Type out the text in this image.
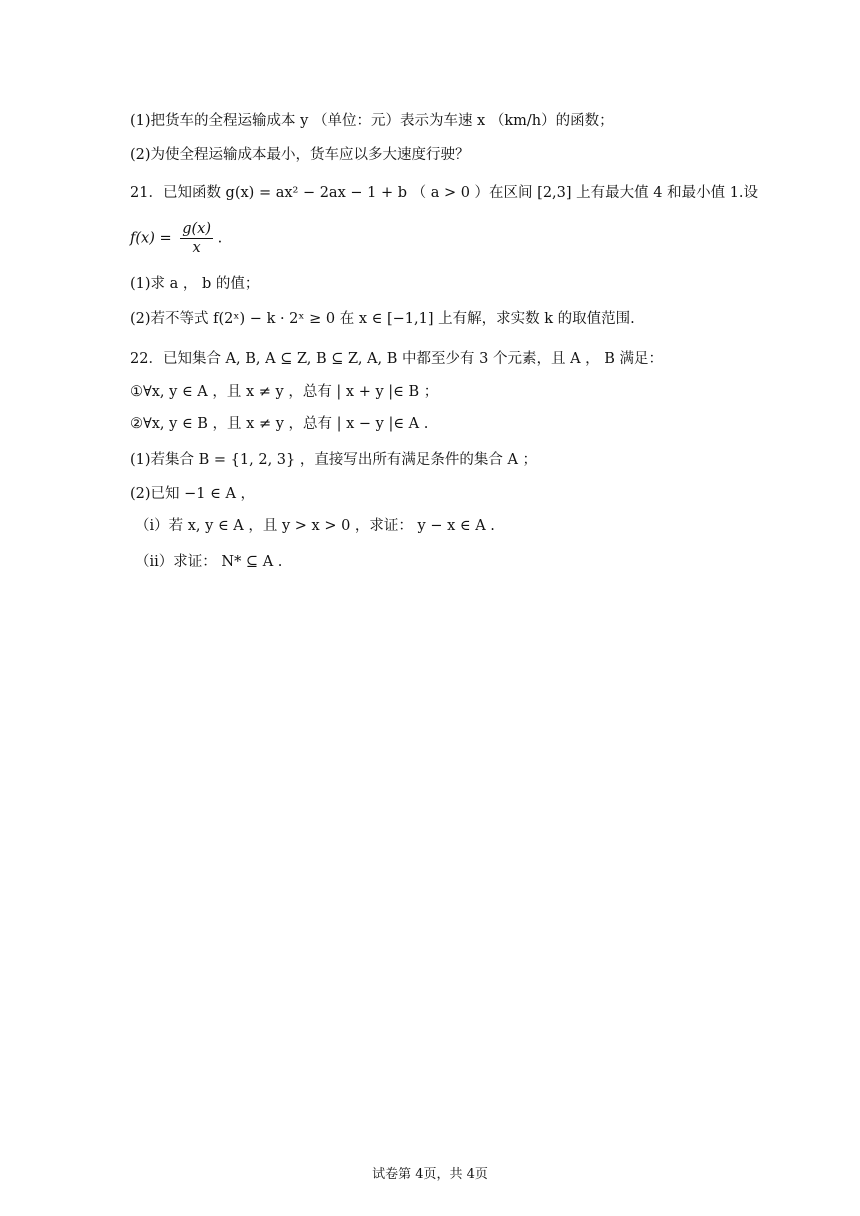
(1)把货车的全程运输成本 y （单位：元）表示为车速 x （km/h）的函数；
(2)为使全程运输成本最小，货车应以多大速度行驶？
21．已知函数 g(x) = ax² − 2ax − 1 + b （ a > 0 ）在区间 [2,3] 上有最大值 4 和最小值 1.设
$f(x) = \frac{g(x)}{x}$ .
(1)求 a ， b 的值；
(2)若不等式 f(2ˣ) − k · 2ˣ ≥ 0 在 x ∈ [−1,1] 上有解，求实数 k 的取值范围.
22．已知集合 A, B, A ⊆ Z, B ⊆ Z, A, B 中都至少有 3 个元素，且 A ， B 满足：
①∀x, y ∈ A ，且 x ≠ y ，总有 | x + y |∈ B ；
②∀x, y ∈ B ，且 x ≠ y ，总有 | x − y |∈ A .
(1)若集合 B = {1, 2, 3} ，直接写出所有满足条件的集合 A ；
(2)已知 −1 ∈ A ，
（ⅰ）若 x, y ∈ A ，且 y > x > 0 ，求证： y − x ∈ A .
（ⅱ）求证： N* ⊆ A .
试卷第 4页，共 4页
